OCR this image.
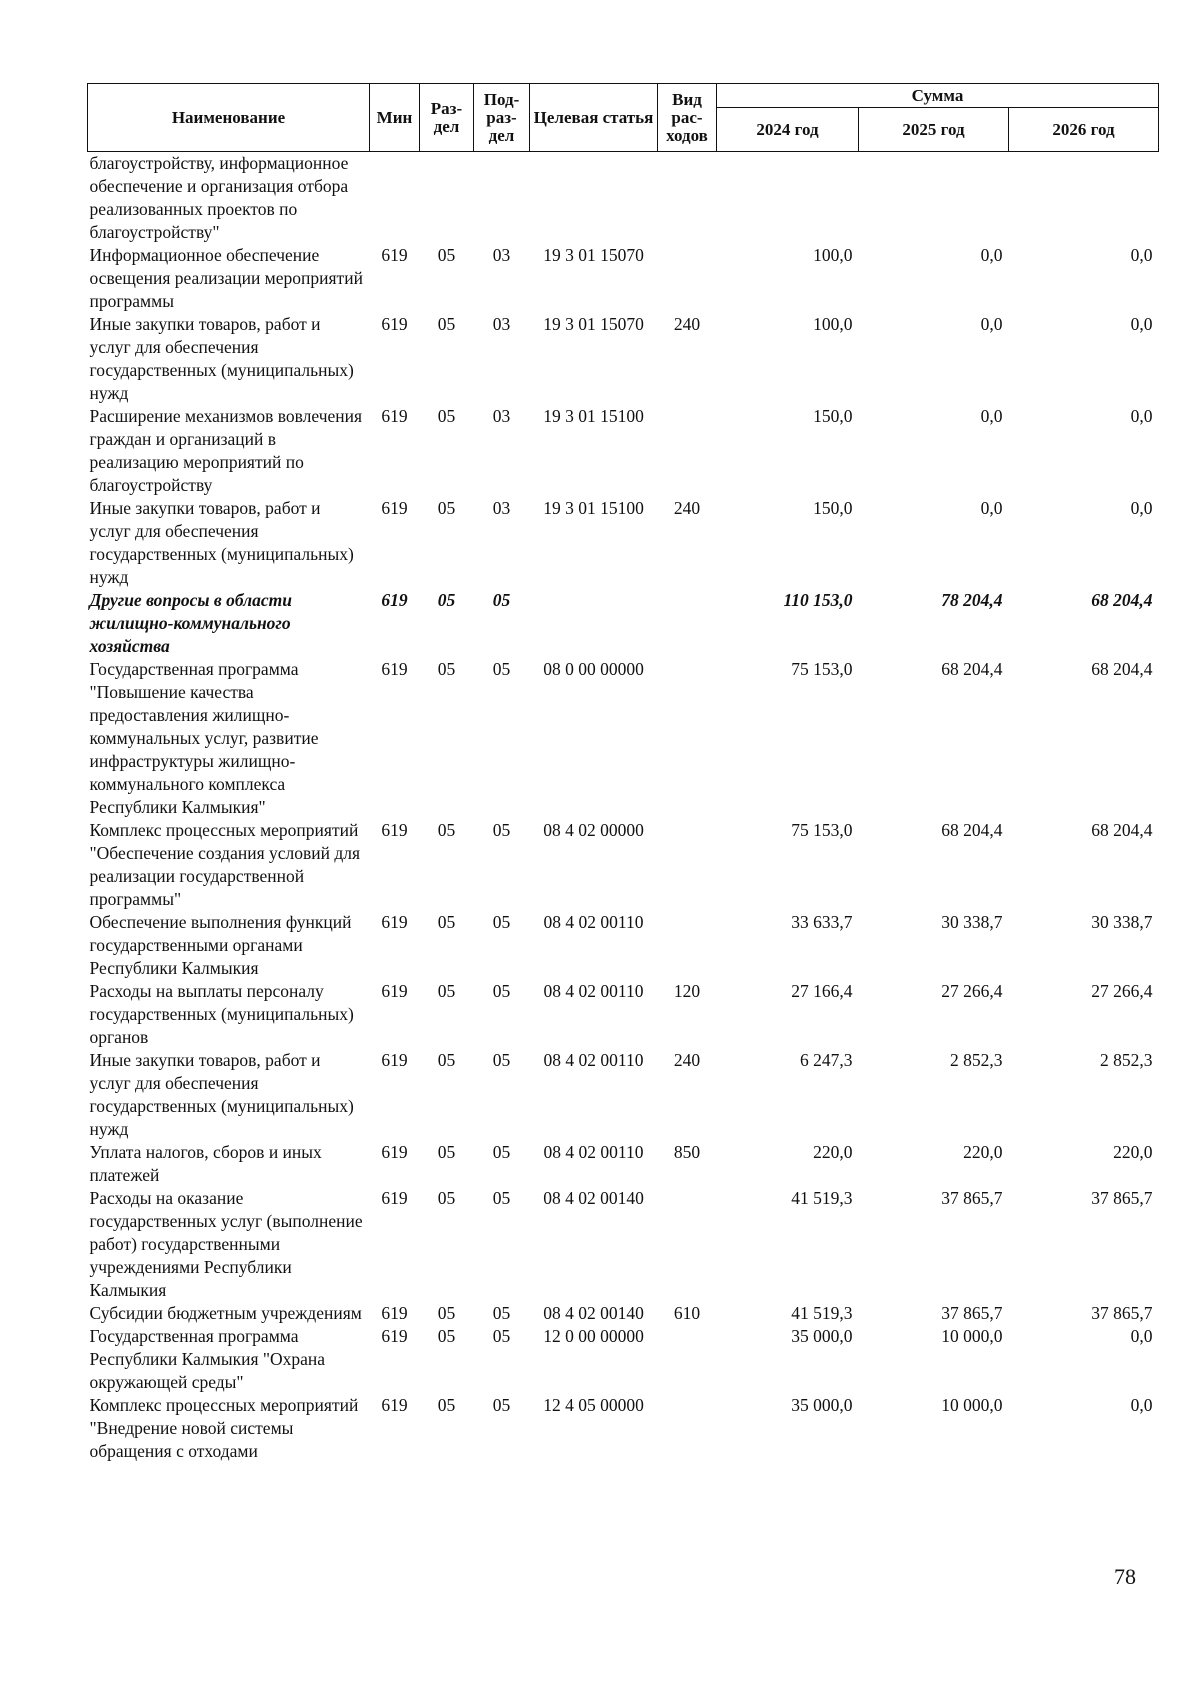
Наименование	Мин	Раз-дел	Под-раз-дел	Целевая статья	Вид рас-ходов	Сумма		
						2024 год	2025 год	2026 год
благоустройству, информационное обеспечение и организация отбора реализованных проектов по благоустройству"								
Информационное обеспечение освещения реализации мероприятий программы	619	05	03	19 3 01 15070		100,0	0,0	0,0
Иные закупки товаров, работ и услуг для обеспечения государственных (муниципальных) нужд	619	05	03	19 3 01 15070	240	100,0	0,0	0,0
Расширение механизмов вовлечения граждан и организаций в реализацию мероприятий по благоустройству	619	05	03	19 3 01 15100		150,0	0,0	0,0
Иные закупки товаров, работ и услуг для обеспечения государственных (муниципальных) нужд	619	05	03	19 3 01 15100	240	150,0	0,0	0,0
Другие вопросы в области жилищно-коммунального хозяйства	619	05	05			110 153,0	78 204,4	68 204,4
Государственная программа "Повышение качества предоставления жилищно-коммунальных услуг, развитие инфраструктуры жилищно-коммунального комплекса Республики Калмыкия"	619	05	05	08 0 00 00000		75 153,0	68 204,4	68 204,4
Комплекс процессных мероприятий "Обеспечение создания условий для реализации государственной программы"	619	05	05	08 4 02 00000		75 153,0	68 204,4	68 204,4
Обеспечение выполнения функций государственными органами Республики Калмыкия	619	05	05	08 4 02 00110		33 633,7	30 338,7	30 338,7
Расходы на выплаты персоналу государственных (муниципальных) органов	619	05	05	08 4 02 00110	120	27 166,4	27 266,4	27 266,4
Иные закупки товаров, работ и услуг для обеспечения государственных (муниципальных) нужд	619	05	05	08 4 02 00110	240	6 247,3	2 852,3	2 852,3
Уплата налогов, сборов и иных платежей	619	05	05	08 4 02 00110	850	220,0	220,0	220,0
Расходы на оказание государственных услуг (выполнение работ) государственными учреждениями Республики Калмыкия	619	05	05	08 4 02 00140		41 519,3	37 865,7	37 865,7
Субсидии бюджетным учреждениям	619	05	05	08 4 02 00140	610	41 519,3	37 865,7	37 865,7
Государственная программа Республики Калмыкия "Охрана окружающей среды"	619	05	05	12 0 00 00000		35 000,0	10 000,0	0,0
Комплекс процессных мероприятий "Внедрение новой системы обращения с отходами	619	05	05	12 4 05 00000		35 000,0	10 000,0	0,0
78
